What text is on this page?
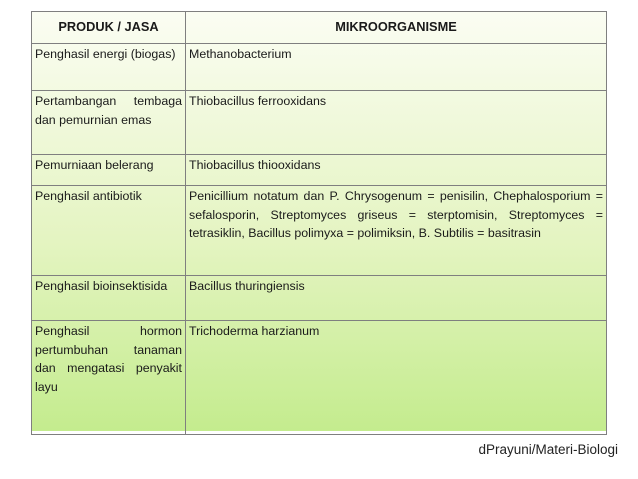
PRODUK / JASA	MIKROORGANISME
Penghasil energi (biogas)	Methanobacterium
Pertambangan tembaga dan pemurnian emas	Thiobacillus ferrooxidans
Pemurniaan belerang	Thiobacillus thiooxidans
Penghasil antibiotik	Penicillium notatum dan P. Chrysogenum = penisilin, Chephalosporium = sefalosporin, Streptomyces griseus = sterptomisin, Streptomyces = tetrasiklin, Bacillus polimyxa = polimiksin, B. Subtilis = basitrasin
Penghasil bioinsektisida	Bacillus thuringiensis
Penghasil hormon pertumbuhan tanaman dan mengatasi penyakit layu	Trichoderma harzianum
dPrayuni/Materi-Biologi
